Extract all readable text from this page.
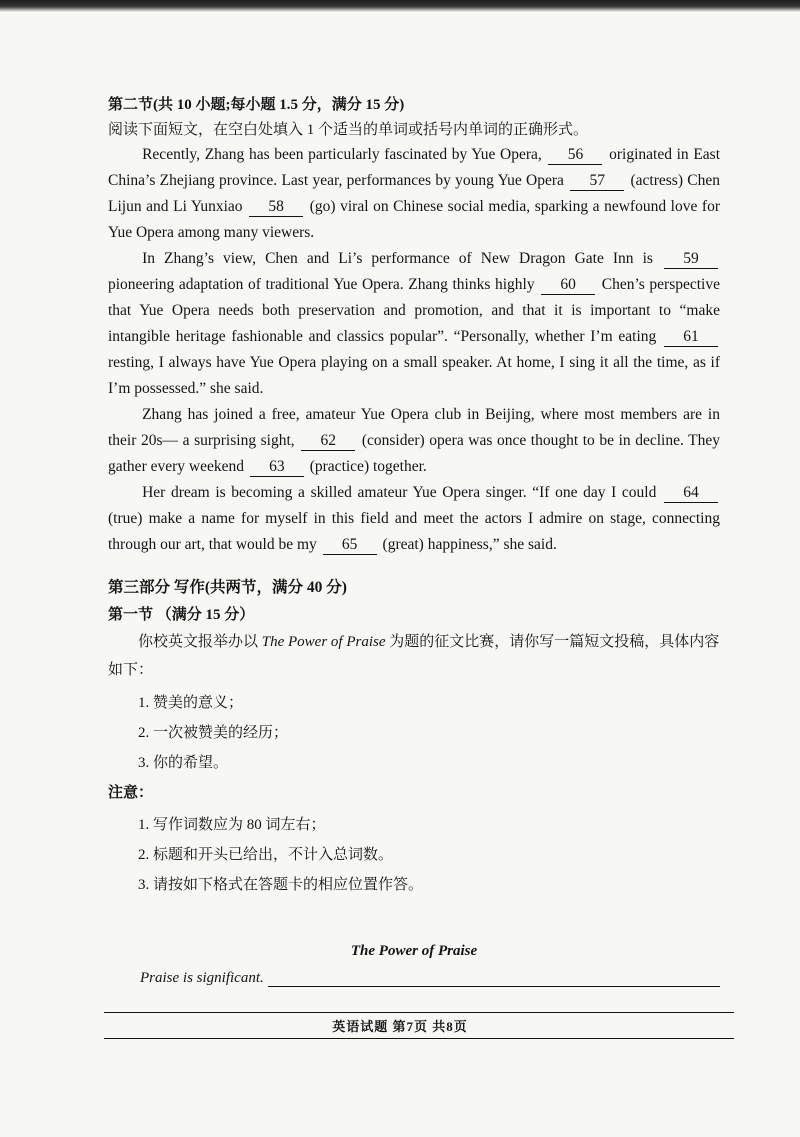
第二节(共 10 小题;每小题 1.5 分，满分 15 分)
阅读下面短文，在空白处填入 1 个适当的单词或括号内单词的正确形式。

Recently, Zhang has been particularly fascinated by Yue Opera, 56 originated in East China’s Zhejiang province. Last year, performances by young Yue Opera 57 (actress) Chen Lijun and Li Yunxiao 58 (go) viral on Chinese social media, sparking a newfound love for Yue Opera among many viewers.

In Zhang’s view, Chen and Li’s performance of New Dragon Gate Inn is 59 pioneering adaptation of traditional Yue Opera. Zhang thinks highly 60 Chen’s perspective that Yue Opera needs both preservation and promotion, and that it is important to “make intangible heritage fashionable and classics popular”. “Personally, whether I’m eating 61 resting, I always have Yue Opera playing on a small speaker. At home, I sing it all the time, as if I’m possessed.” she said.

Zhang has joined a free, amateur Yue Opera club in Beijing, where most members are in their 20s— a surprising sight, 62 (consider) opera was once thought to be in decline. They gather every weekend 63 (practice) together.

Her dream is becoming a skilled amateur Yue Opera singer. “If one day I could 64 (true) make a name for myself in this field and meet the actors I admire on stage, connecting through our art, that would be my 65 (great) happiness,” she said.

第三部分 写作(共两节，满分 40 分)
第一节 （满分 15 分）

你校英文报举办以 The Power of Praise 为题的征文比赛，请你写一篇短文投稿，具体内容如下：

1. 赞美的意义；
2. 一次被赞美的经历；
3. 你的希望。
注意：
1. 写作词数应为 80 词左右；
2. 标题和开头已给出，不计入总词数。
3. 请按如下格式在答题卡的相应位置作答。
The Power of Praise
Praise is significant.
英语试题 第7页 共8页
